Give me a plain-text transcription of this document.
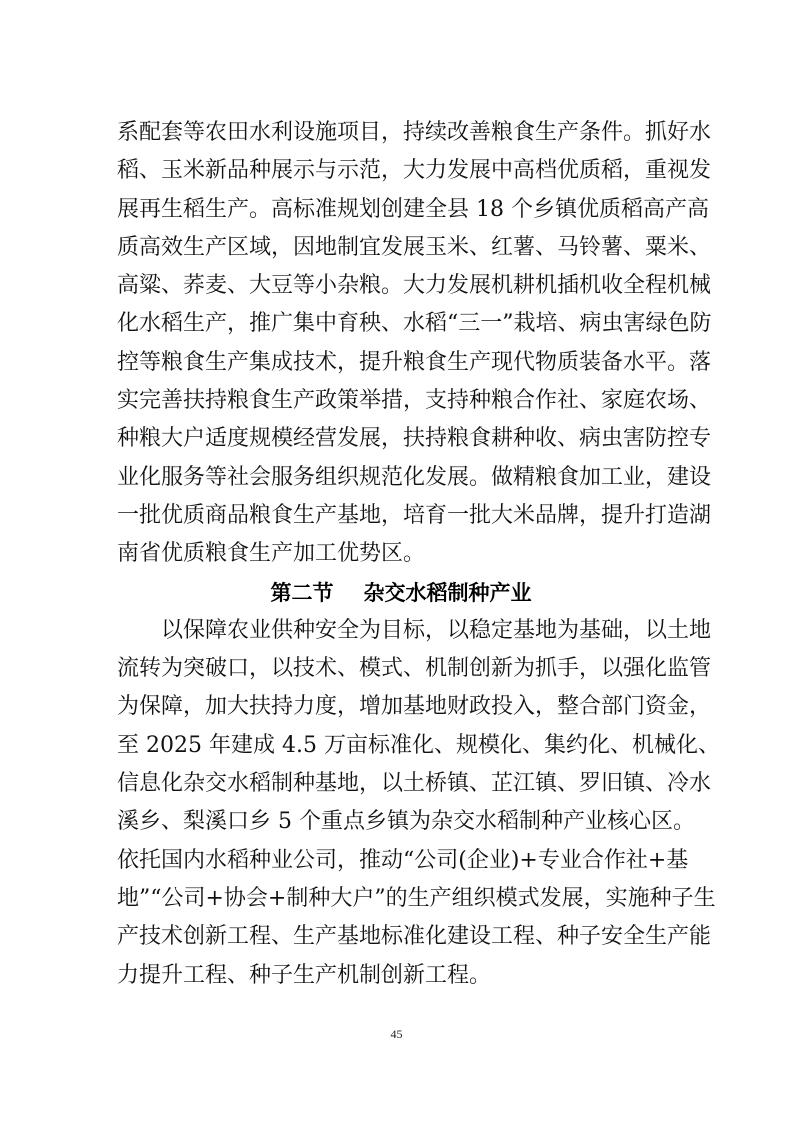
系配套等农田水利设施项目，持续改善粮食生产条件。抓好水
稻、玉米新品种展示与示范，大力发展中高档优质稻，重视发
展再生稻生产。高标准规划创建全县 18 个乡镇优质稻高产高
质高效生产区域，因地制宜发展玉米、红薯、马铃薯、粟米、
高粱、荞麦、大豆等小杂粮。大力发展机耕机插机收全程机械
化水稻生产，推广集中育秧、水稻“三一”栽培、病虫害绿色防
控等粮食生产集成技术，提升粮食生产现代物质装备水平。落
实完善扶持粮食生产政策举措，支持种粮合作社、家庭农场、
种粮大户适度规模经营发展，扶持粮食耕种收、病虫害防控专
业化服务等社会服务组织规范化发展。做精粮食加工业，建设
一批优质商品粮食生产基地，培育一批大米品牌，提升打造湖
南省优质粮食生产加工优势区。
第二节 杂交水稻制种产业
以保障农业供种安全为目标，以稳定基地为基础，以土地
流转为突破口，以技术、模式、机制创新为抓手，以强化监管
为保障，加大扶持力度，增加基地财政投入，整合部门资金，
至 2025 年建成 4.5 万亩标准化、规模化、集约化、机械化、
信息化杂交水稻制种基地，以土桥镇、芷江镇、罗旧镇、冷水
溪乡、梨溪口乡 5 个重点乡镇为杂交水稻制种产业核心区。
依托国内水稻种业公司，推动“公司(企业)+专业合作社+基
地”“公司+协会+制种大户”的生产组织模式发展，实施种子生
产技术创新工程、生产基地标准化建设工程、种子安全生产能
力提升工程、种子生产机制创新工程。
45
